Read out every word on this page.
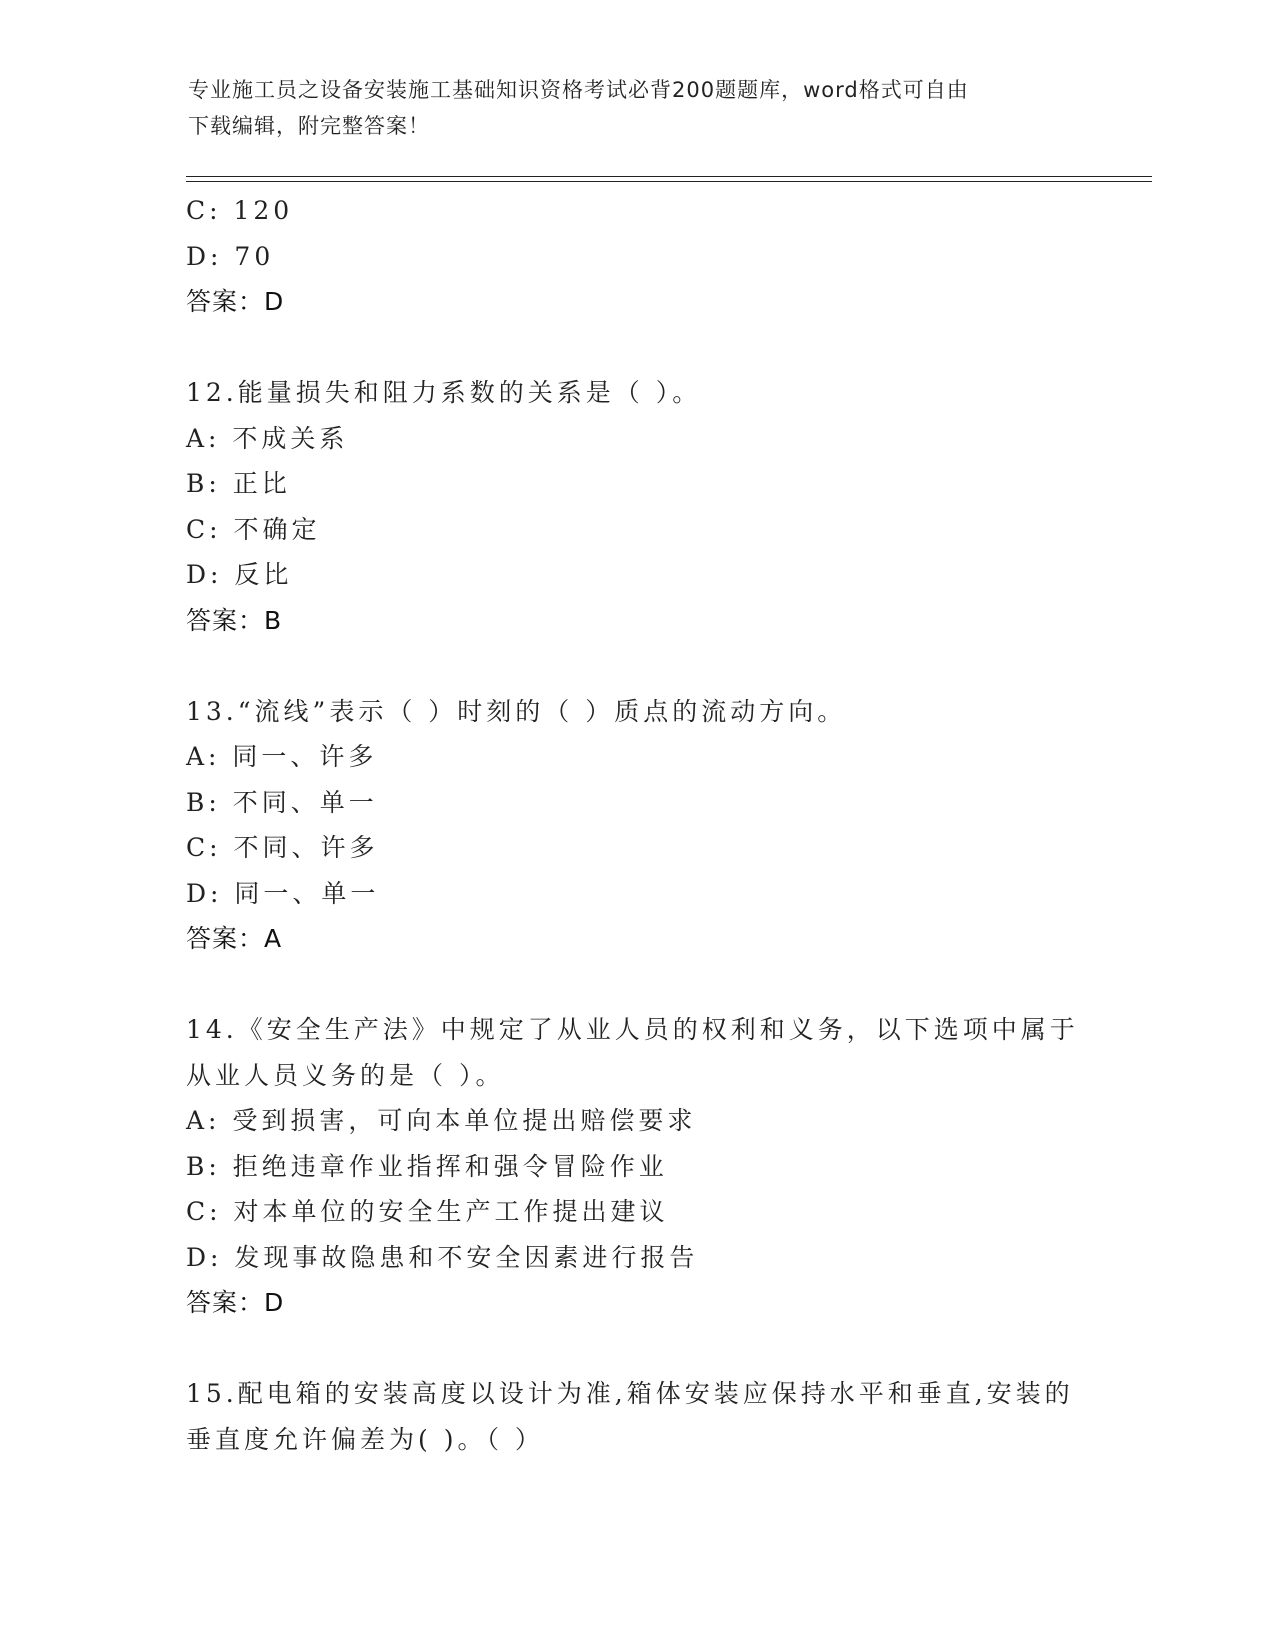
专业施工员之设备安装施工基础知识资格考试必背200题题库，word格式可自由
下载编辑，附完整答案！
C: 120
D: 70
答案：D
12.能量损失和阻力系数的关系是（ ）。
A: 不成关系
B: 正比
C: 不确定
D: 反比
答案：B
13.“流线”表示（ ）时刻的（ ）质点的流动方向。
A: 同一、许多
B: 不同、单一
C: 不同、许多
D: 同一、单一
答案：A
14.《安全生产法》中规定了从业人员的权利和义务，以下选项中属于
从业人员义务的是（ ）。
A: 受到损害，可向本单位提出赔偿要求
B: 拒绝违章作业指挥和强令冒险作业
C: 对本单位的安全生产工作提出建议
D: 发现事故隐患和不安全因素进行报告
答案：D
15.配电箱的安装高度以设计为准,箱体安装应保持水平和垂直,安装的
垂直度允许偏差为( )。（ ）
